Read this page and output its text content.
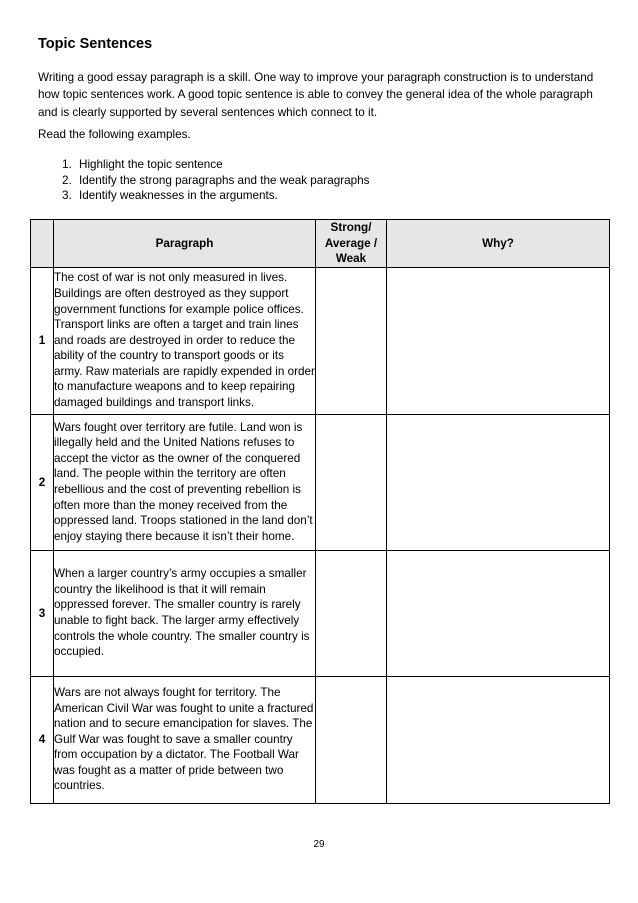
Topic Sentences

Writing a good essay paragraph is a skill. One way to improve your paragraph construction is to understand how topic sentences work. A good topic sentence is able to convey the general idea of the whole paragraph and is clearly supported by several sentences which connect to it.

Read the following examples.

1. Highlight the topic sentence
2. Identify the strong paragraphs and the weak paragraphs
3. Identify weaknesses in the arguments.
	Paragraph	Strong/ Average / Weak	Why?
1	The cost of war is not only measured in lives. Buildings are often destroyed as they support government functions for example police offices. Transport links are often a target and train lines and roads are destroyed in order to reduce the ability of the country to transport goods or its army. Raw materials are rapidly expended in order to manufacture weapons and to keep repairing damaged buildings and transport links.		
2	Wars fought over territory are futile. Land won is illegally held and the United Nations refuses to accept the victor as the owner of the conquered land. The people within the territory are often rebellious and the cost of preventing rebellion is often more than the money received from the oppressed land. Troops stationed in the land don’t enjoy staying there because it isn’t their home.		
3	When a larger country’s army occupies a smaller country the likelihood is that it will remain oppressed forever. The smaller country is rarely unable to fight back. The larger army effectively controls the whole country. The smaller country is occupied.		
4	Wars are not always fought for territory. The American Civil War was fought to unite a fractured nation and to secure emancipation for slaves. The Gulf War was fought to save a smaller country from occupation by a dictator. The Football War was fought as a matter of pride between two countries.		

29
